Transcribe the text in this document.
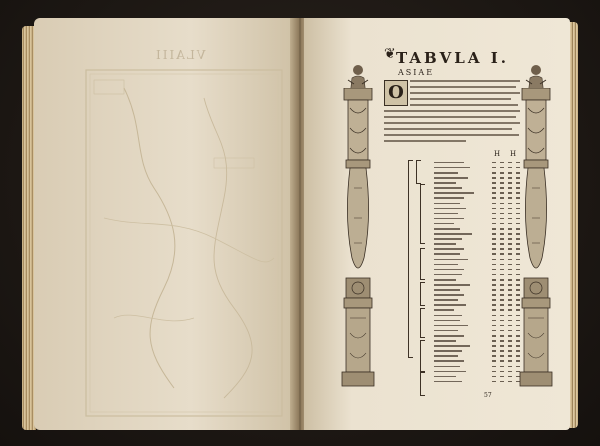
VLAIII	❦ TABVLA I.
ASIAE
O
H H
57
